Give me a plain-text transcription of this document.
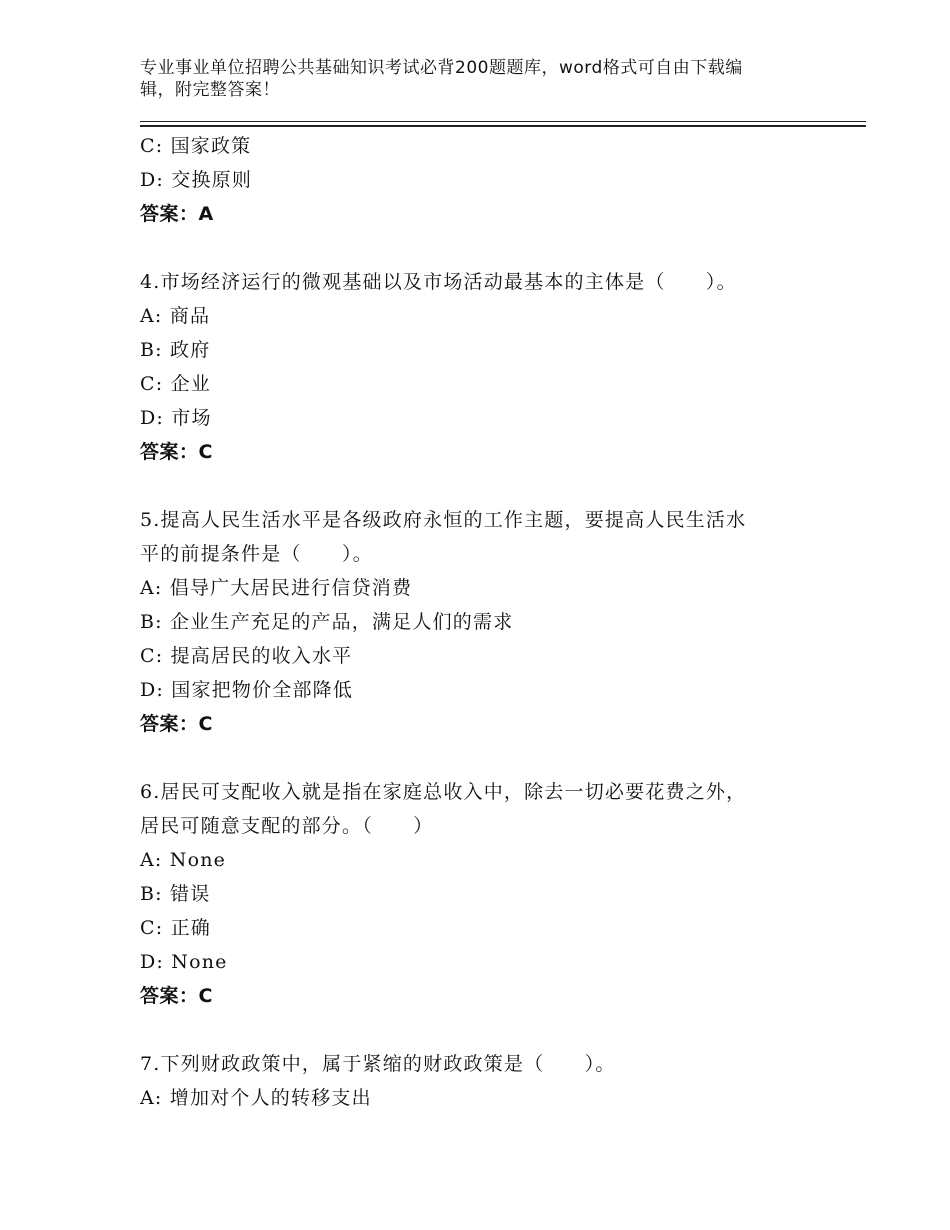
专业事业单位招聘公共基础知识考试必背200题题库，word格式可自由下载编
辑，附完整答案！
C: 国家政策
D: 交换原则
答案：A
4.市场经济运行的微观基础以及市场活动最基本的主体是（　　）。
A: 商品
B: 政府
C: 企业
D: 市场
答案：C
5.提高人民生活水平是各级政府永恒的工作主题，要提高人民生活水
平的前提条件是（　　）。
A: 倡导广大居民进行信贷消费
B: 企业生产充足的产品，满足人们的需求
C: 提高居民的收入水平
D: 国家把物价全部降低
答案：C
6.居民可支配收入就是指在家庭总收入中，除去一切必要花费之外，
居民可随意支配的部分。（　　）
A: None
B: 错误
C: 正确
D: None
答案：C
7.下列财政政策中，属于紧缩的财政政策是（　　）。
A: 增加对个人的转移支出
